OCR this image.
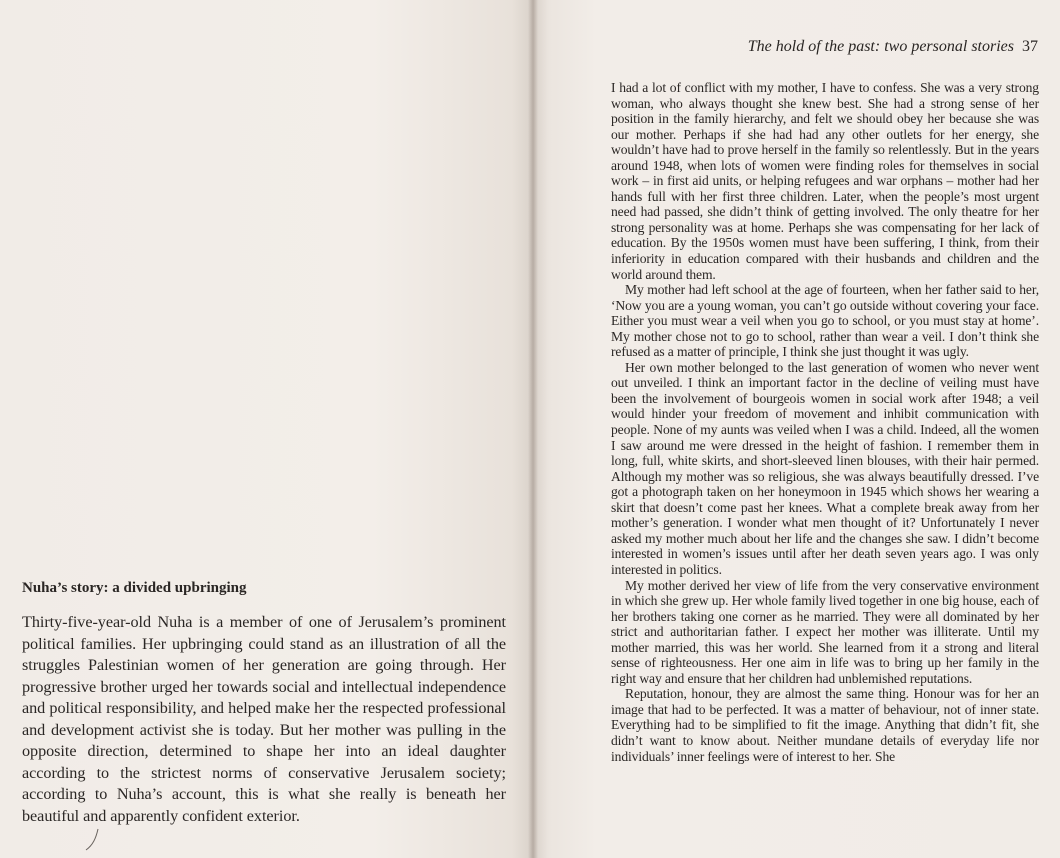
Nuha’s story: a divided upbringing

Thirty-five-year-old Nuha is a member of one of Jerusalem’s prominent political families. Her upbringing could stand as an illustration of all the struggles Palestinian women of her generation are going through. Her progressive brother urged her towards social and intellectual independence and political responsibility, and helped make her the respected professional and development activist she is today. But her mother was pulling in the opposite direction, determined to shape her into an ideal daughter according to the strictest norms of conservative Jerusalem society; according to Nuha’s account, this is what she really is beneath her beautiful and apparently confident exterior.

The hold of the past: two personal stories 37

I had a lot of conflict with my mother, I have to confess. She was a very strong woman, who always thought she knew best. She had a strong sense of her position in the family hierarchy, and felt we should obey her because she was our mother. Perhaps if she had had any other outlets for her energy, she wouldn’t have had to prove herself in the family so relentlessly. But in the years around 1948, when lots of women were finding roles for themselves in social work – in first aid units, or helping refugees and war orphans – mother had her hands full with her first three children. Later, when the people’s most urgent need had passed, she didn’t think of getting involved. The only theatre for her strong personality was at home. Perhaps she was compensating for her lack of education. By the 1950s women must have been suffering, I think, from their inferiority in education compared with their husbands and children and the world around them.

My mother had left school at the age of fourteen, when her father said to her, ‘Now you are a young woman, you can’t go outside without covering your face. Either you must wear a veil when you go to school, or you must stay at home’. My mother chose not to go to school, rather than wear a veil. I don’t think she refused as a matter of principle, I think she just thought it was ugly.

Her own mother belonged to the last generation of women who never went out unveiled. I think an important factor in the decline of veiling must have been the involvement of bourgeois women in social work after 1948; a veil would hinder your freedom of movement and inhibit communication with people. None of my aunts was veiled when I was a child. Indeed, all the women I saw around me were dressed in the height of fashion. I remember them in long, full, white skirts, and short-sleeved linen blouses, with their hair permed. Although my mother was so religious, she was always beautifully dressed. I’ve got a photograph taken on her honeymoon in 1945 which shows her wearing a skirt that doesn’t come past her knees. What a complete break away from her mother’s generation. I wonder what men thought of it? Unfortunately I never asked my mother much about her life and the changes she saw. I didn’t become interested in women’s issues until after her death seven years ago. I was only interested in politics.

My mother derived her view of life from the very conservative environment in which she grew up. Her whole family lived together in one big house, each of her brothers taking one corner as he married. They were all dominated by her strict and authoritarian father. I expect her mother was illiterate. Until my mother married, this was her world. She learned from it a strong and literal sense of righteousness. Her one aim in life was to bring up her family in the right way and ensure that her children had unblemished reputations.

Reputation, honour, they are almost the same thing. Honour was for her an image that had to be perfected. It was a matter of behaviour, not of inner state. Everything had to be simplified to fit the image. Anything that didn’t fit, she didn’t want to know about. Neither mundane details of everyday life nor individuals’ inner feelings were of interest to her. She
